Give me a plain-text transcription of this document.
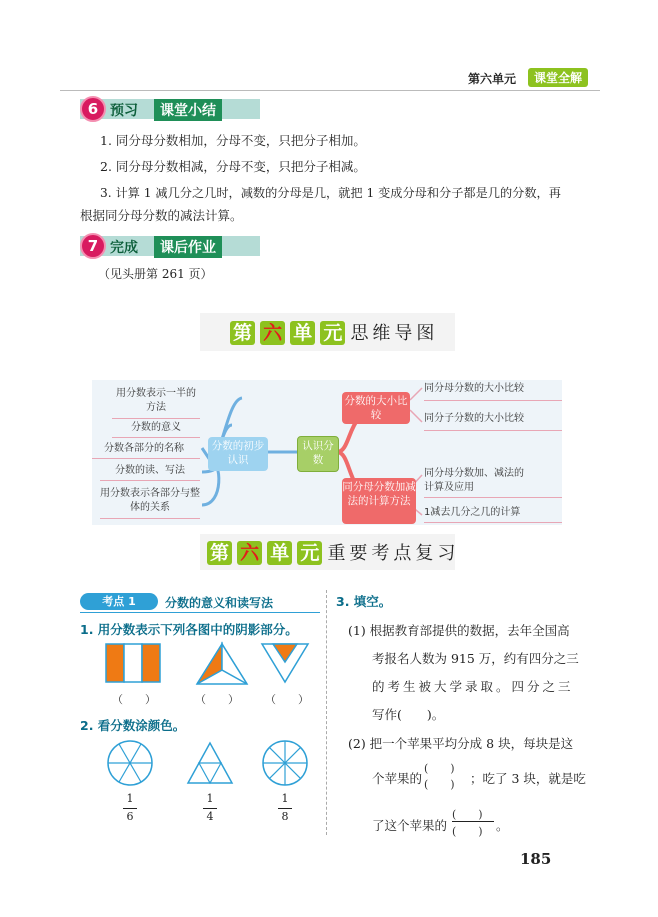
第六单元	课堂全解
6 预习	课堂小结
1. 同分母分数相加，分母不变，只把分子相加。
2. 同分母分数相减，分母不变，只把分子相减。
3. 计算 1 减几分之几时，减数的分母是几，就把 1 变成分母和分子都是几的分数，再
根据同分母分数的减法计算。
7 完成	课后作业
（见头册第 261 页）
第 六 单 元 思维导图
用分数表示一半的方法
分数的意义
分数各部分的名称
分数的读、写法
用分数表示各部分与整体的关系
分数的初步认识
认识分数
分数的大小比较
同分母分数加减法的计算方法
同分母分数的大小比较
同分子分数的大小比较
同分母分数加、减法的计算及应用
1减去几分之几的计算
第 六 单 元 重要考点复习
考点 1	分数的意义和读写法
1. 用分数表示下列各图中的阴影部分。
（　　）	（　　） （　　）
2. 看分数涂颜色。
1
6
1
4
1
8
3. 填空。
(1) 根据教育部提供的数据，去年全国高
考报名人数为 915 万，约有四分之三
的考生被大学录取。四分之三
写作(　　)。
(2) 把一个苹果平均分成 8 块，每块是这
个苹果的
(　　)
(　　) ；吃了 3 块，就是吃
了这个苹果的
(　　)
(　　) 。
185
